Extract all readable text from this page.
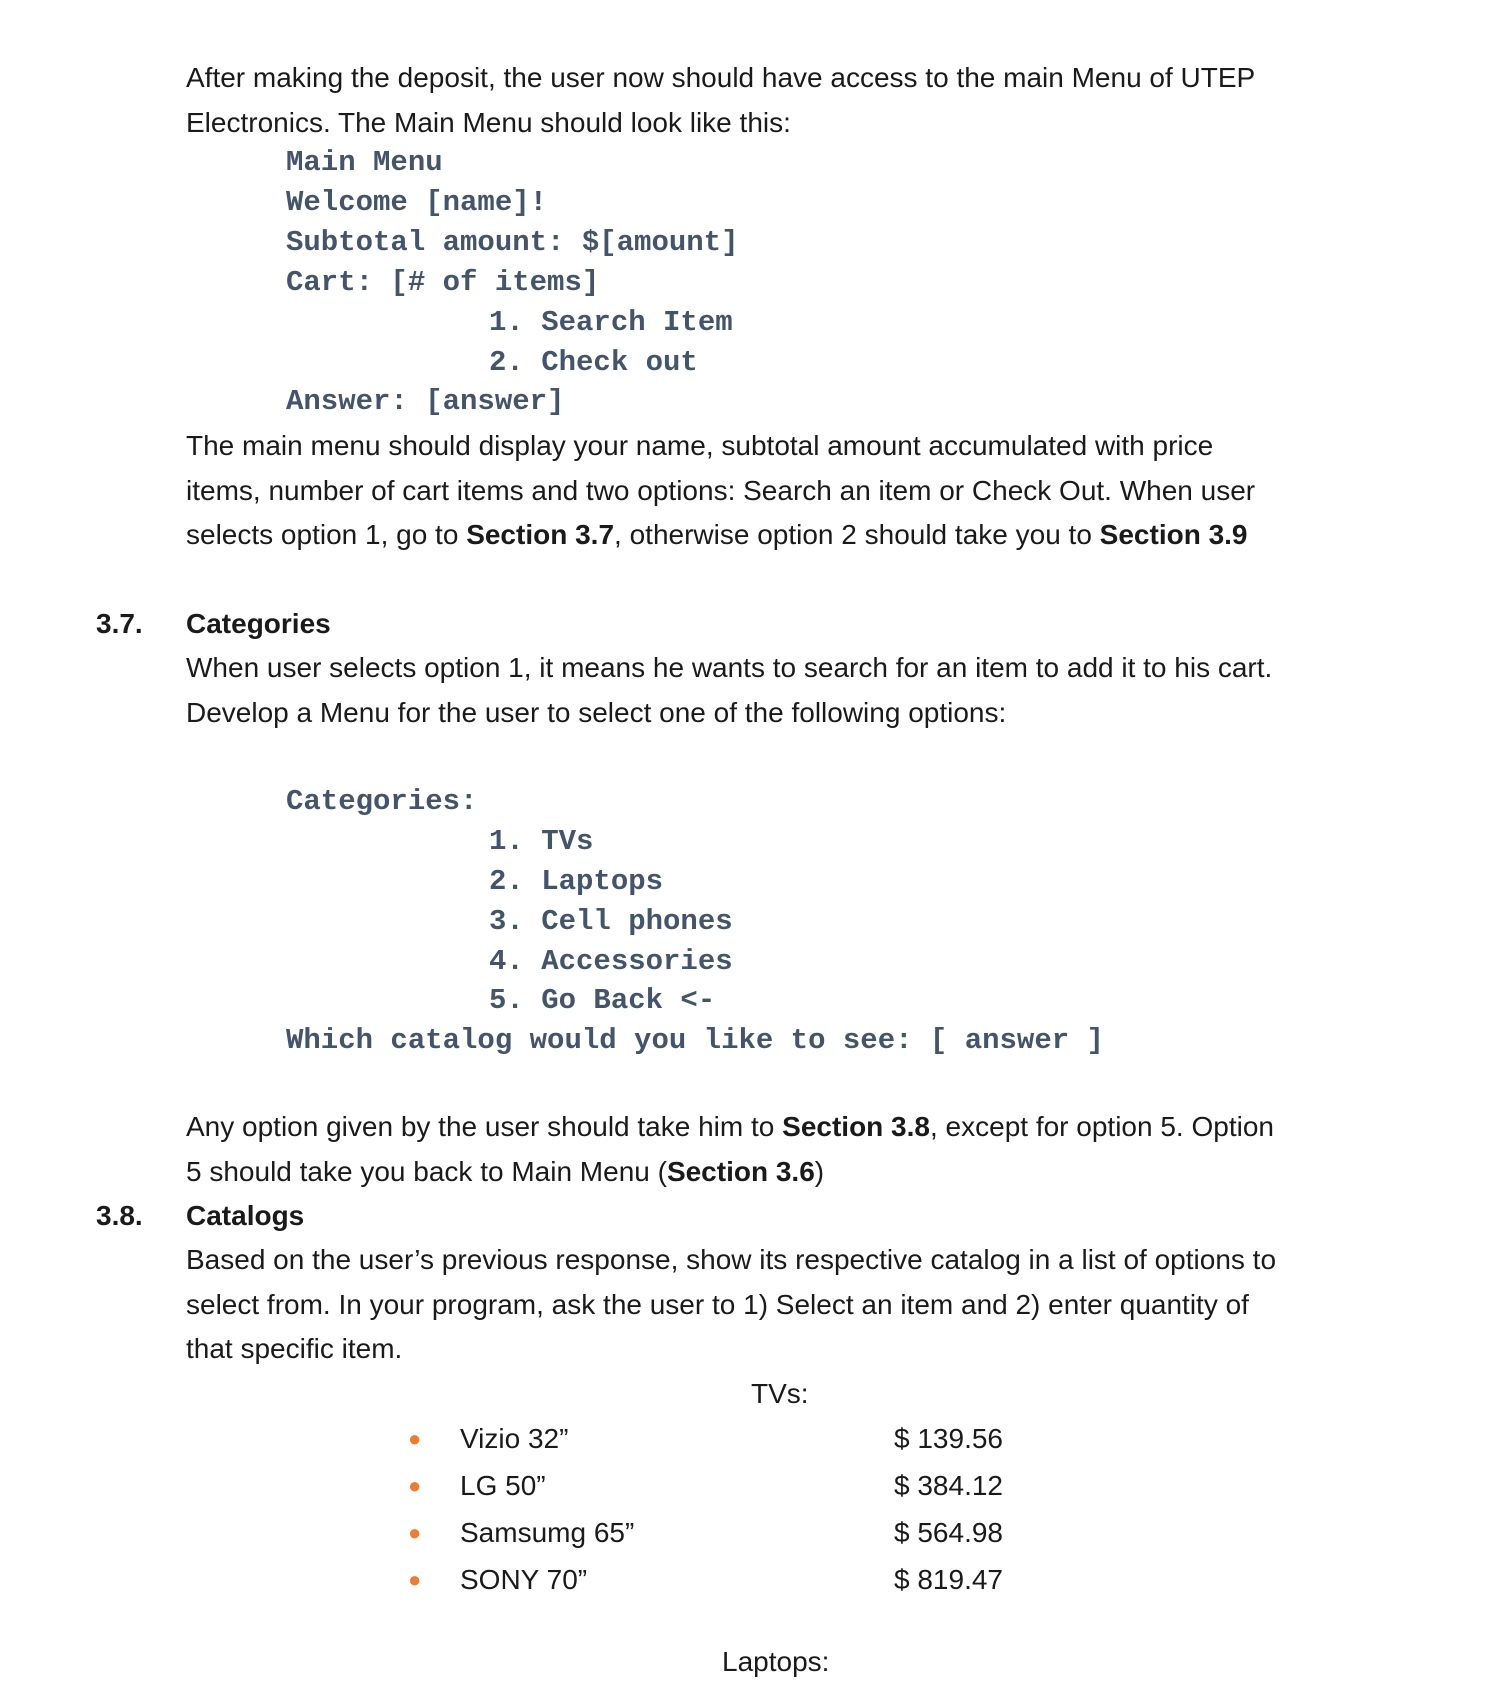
After making the deposit, the user now should have access to the main Menu of UTEP
Electronics. The Main Menu should look like this:

Main Menu
Welcome [name]!
Subtotal amount: $[amount]
Cart: [# of items]
1. Search Item
2. Check out
Answer: [answer]

The main menu should display your name, subtotal amount accumulated with price
items, number of cart items and two options: Search an item or Check Out. When user
selects option 1, go to Section 3.7, otherwise option 2 should take you to Section 3.9

3.7. Categories

When user selects option 1, it means he wants to search for an item to add it to his cart.
Develop a Menu for the user to select one of the following options:

Categories:
1. TVs
2. Laptops
3. Cell phones
4. Accessories
5. Go Back <-
Which catalog would you like to see: [ answer ]

Any option given by the user should take him to Section 3.8, except for option 5. Option
5 should take you back to Main Menu (Section 3.6)

3.8. Catalogs

Based on the user’s previous response, show its respective catalog in a list of options to
select from. In your program, ask the user to 1) Select an item and 2) enter quantity of
that specific item.

TVs:
● Vizio 32”	$ 139.56
● LG 50”	$ 384.12
● Samsumg 65”	$ 564.98
● SONY 70”	$ 819.47
Laptops:
